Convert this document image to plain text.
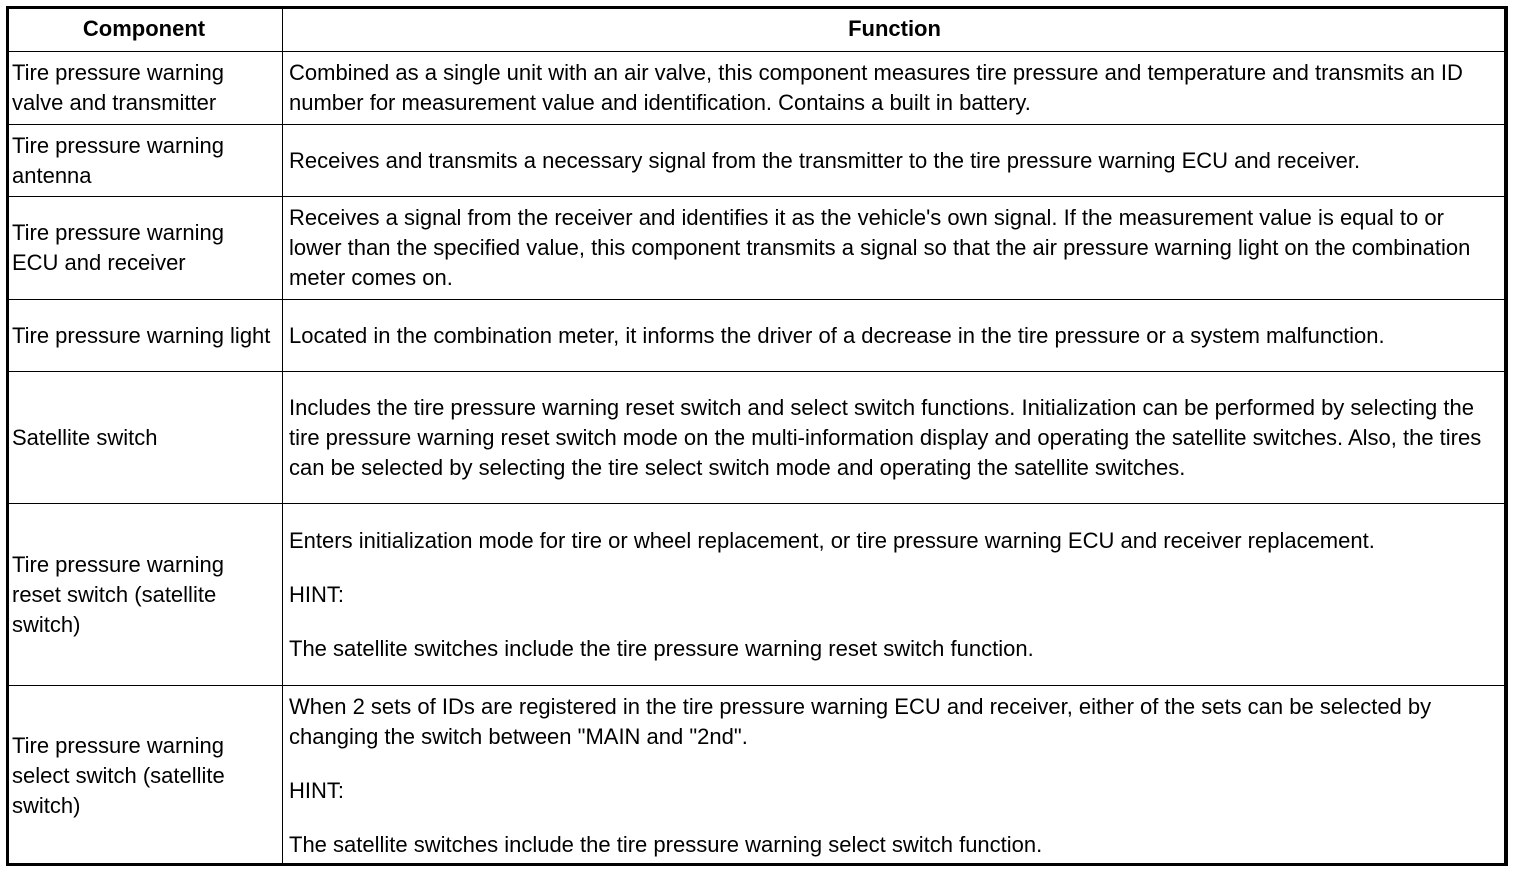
Component	Function
Tire pressure warning valve and transmitter	Combined as a single unit with an air valve, this component measures tire pressure and temperature and transmits an ID number for measurement value and identification. Contains a built in battery.

Tire pressure warning antenna	Receives and transmits a necessary signal from the transmitter to the tire pressure warning ECU and receiver.

Tire pressure warning ECU and receiver	Receives a signal from the receiver and identifies it as the vehicle's own signal. If the measurement value is equal to or lower than the specified value, this component transmits a signal so that the air pressure warning light on the combination meter comes on.

Tire pressure warning light	Located in the combination meter, it informs the driver of a decrease in the tire pressure or a system malfunction.

Satellite switch	Includes the tire pressure warning reset switch and select switch functions. Initialization can be performed by selecting the tire pressure warning reset switch mode on the multi-information display and operating the satellite switches. Also, the tires can be selected by selecting the tire select switch mode and operating the satellite switches.

Tire pressure warning reset switch (satellite switch)	Enters initialization mode for tire or wheel replacement, or tire pressure warning ECU and receiver replacement.

HINT:

The satellite switches include the tire pressure warning reset switch function.

Tire pressure warning select switch (satellite switch)	When 2 sets of IDs are registered in the tire pressure warning ECU and receiver, either of the sets can be selected by changing the switch between "MAIN and "2nd".

HINT:

The satellite switches include the tire pressure warning select switch function.
